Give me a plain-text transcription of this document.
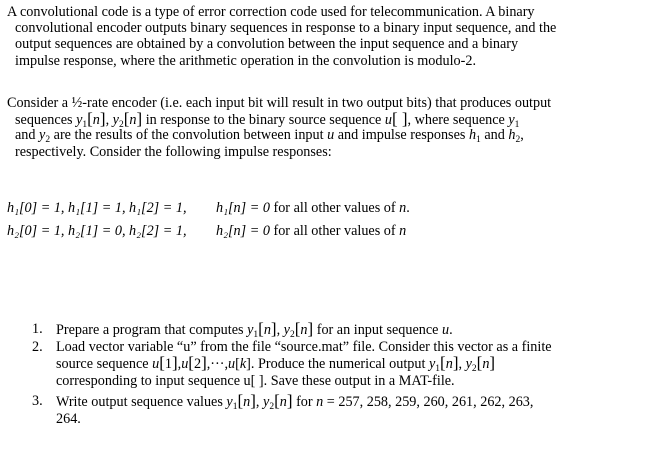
A convolutional code is a type of error correction code used for telecommunication. A binary
convolutional encoder outputs binary sequences in response to a binary input sequence, and the
output sequences are obtained by a convolution between the input sequence and a binary
impulse response, where the arithmetic operation in the convolution is modulo-2.
Consider a ½-rate encoder (i.e. each input bit will result in two output bits) that produces output
sequences $y_1[n]$, $y_2[n]$ in response to the binary source sequence u[ ], where sequence $y_1$
and $y_2$ are the results of the convolution between input u and impulse responses $h_1$ and $h_2$,
respectively. Consider the following impulse responses:
h₁[0] = 1, h₁[1] = 1, h₁[2] = 1, h₁[n] = 0 for all other values of n.
h₂[0] = 1, h₂[1] = 0, h₂[2] = 1, h₂[n] = 0 for all other values of n
1. Prepare a program that computes $y_1[n]$, $y_2[n]$ for an input sequence u.
2. Load vector variable “u” from the file “source.mat” file. Consider this vector as a finite
source sequence u[1],u[2],···,u[k]. Produce the numerical output $y_1[n]$, $y_2[n]$
corresponding to input sequence u[ ]. Save these output in a MAT-file.
3. Write output sequence values $y_1[n]$, $y_2[n]$ for n = 257, 258, 259, 260, 261, 262, 263,
264.
